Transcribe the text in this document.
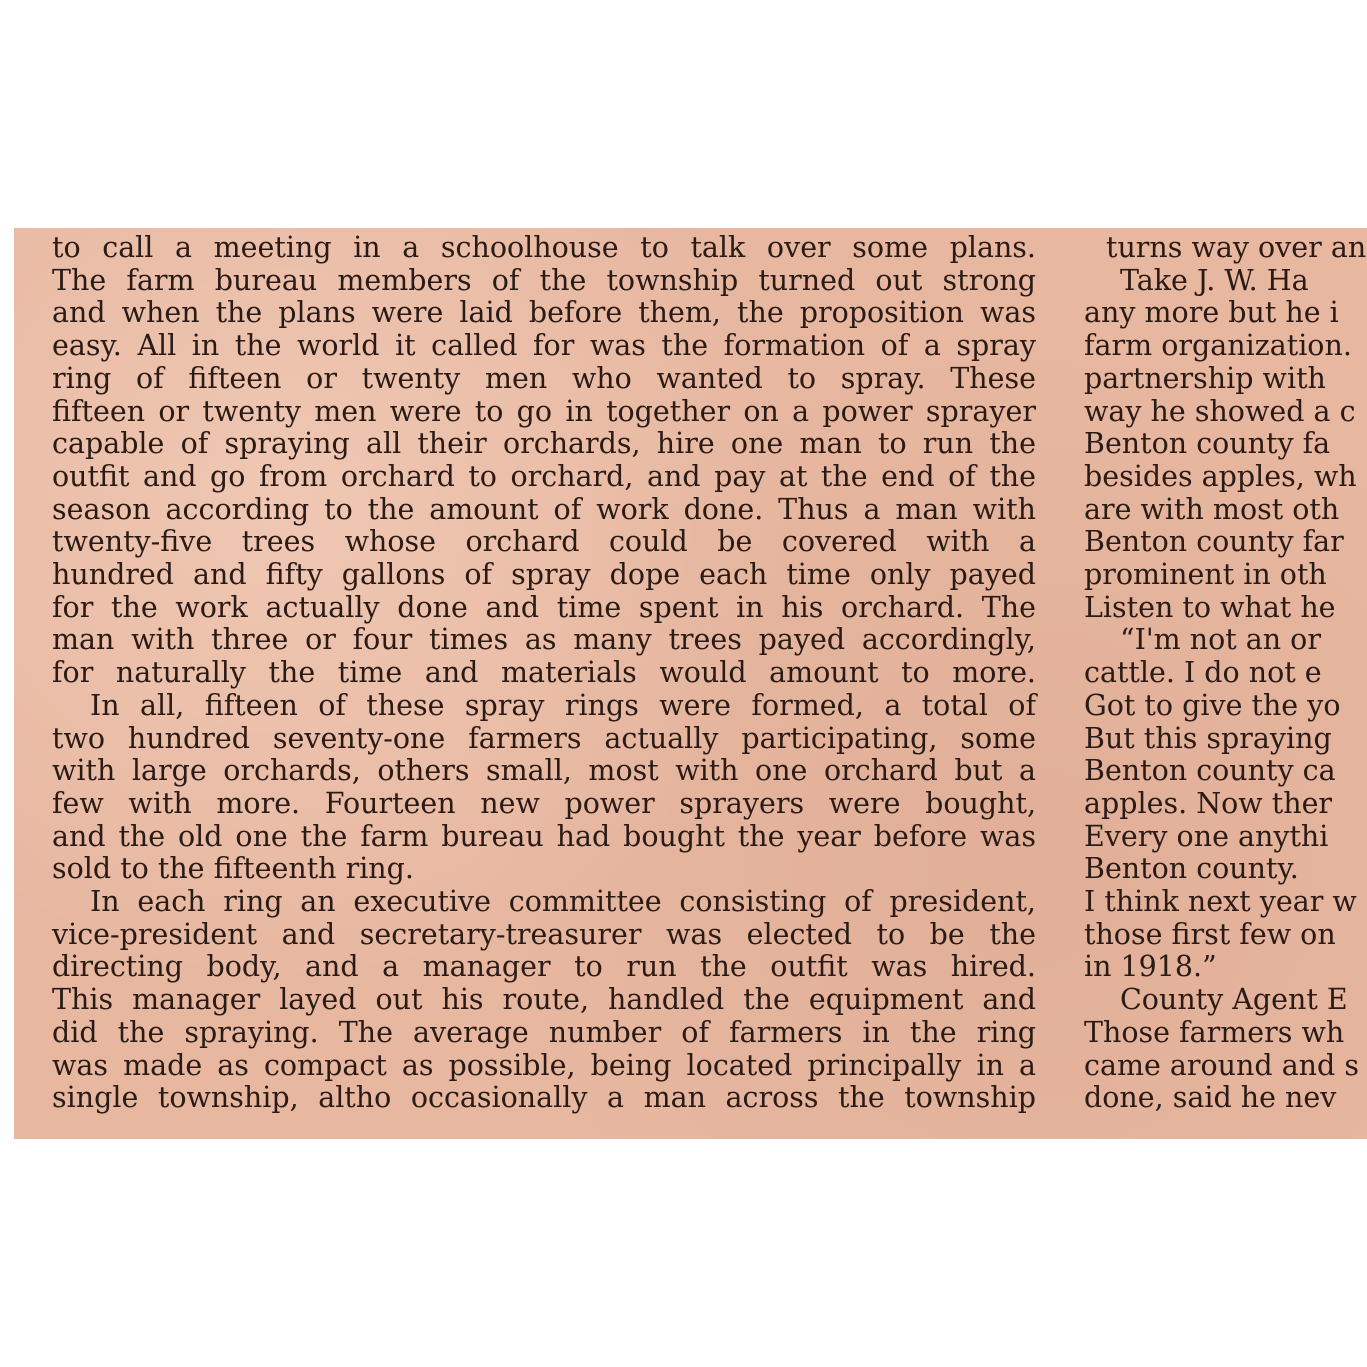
to call a meeting in a schoolhouse to talk over some plans.
The farm bureau members of the township turned out strong
and when the plans were laid before them, the proposition was
easy. All in the world it called for was the formation of a spray
ring of fifteen or twenty men who wanted to spray. These
fifteen or twenty men were to go in together on a power sprayer
capable of spraying all their orchards, hire one man to run the
outfit and go from orchard to orchard, and pay at the end of the
season according to the amount of work done. Thus a man with
twenty-five trees whose orchard could be covered with a
hundred and fifty gallons of spray dope each time only payed
for the work actually done and time spent in his orchard. The
man with three or four times as many trees payed accordingly,
for naturally the time and materials would amount to more.
In all, fifteen of these spray rings were formed, a total of
two hundred seventy-one farmers actually participating, some
with large orchards, others small, most with one orchard but a
few with more. Fourteen new power sprayers were bought,
and the old one the farm bureau had bought the year before was
sold to the fifteenth ring.
In each ring an executive committee consisting of president,
vice-president and secretary-treasurer was elected to be the
directing body, and a manager to run the outfit was hired.
This manager layed out his route, handled the equipment and
did the spraying. The average number of farmers in the ring
was made as compact as possible, being located principally in a
single township, altho occasionally a man across the township
turns way over an
Take J. W. Ha
any more but he i
farm organization.
partnership with
way he showed a c
Benton county fa
besides apples, wh
are with most oth
Benton county far
prominent in oth
Listen to what he
“I'm not an or
cattle. I do not e
Got to give the yo
But this spraying
Benton county ca
apples. Now ther
Every one anythi
Benton county.
I think next year w
those first few on
in 1918.”
County Agent E
Those farmers wh
came around and s
done, said he nev
